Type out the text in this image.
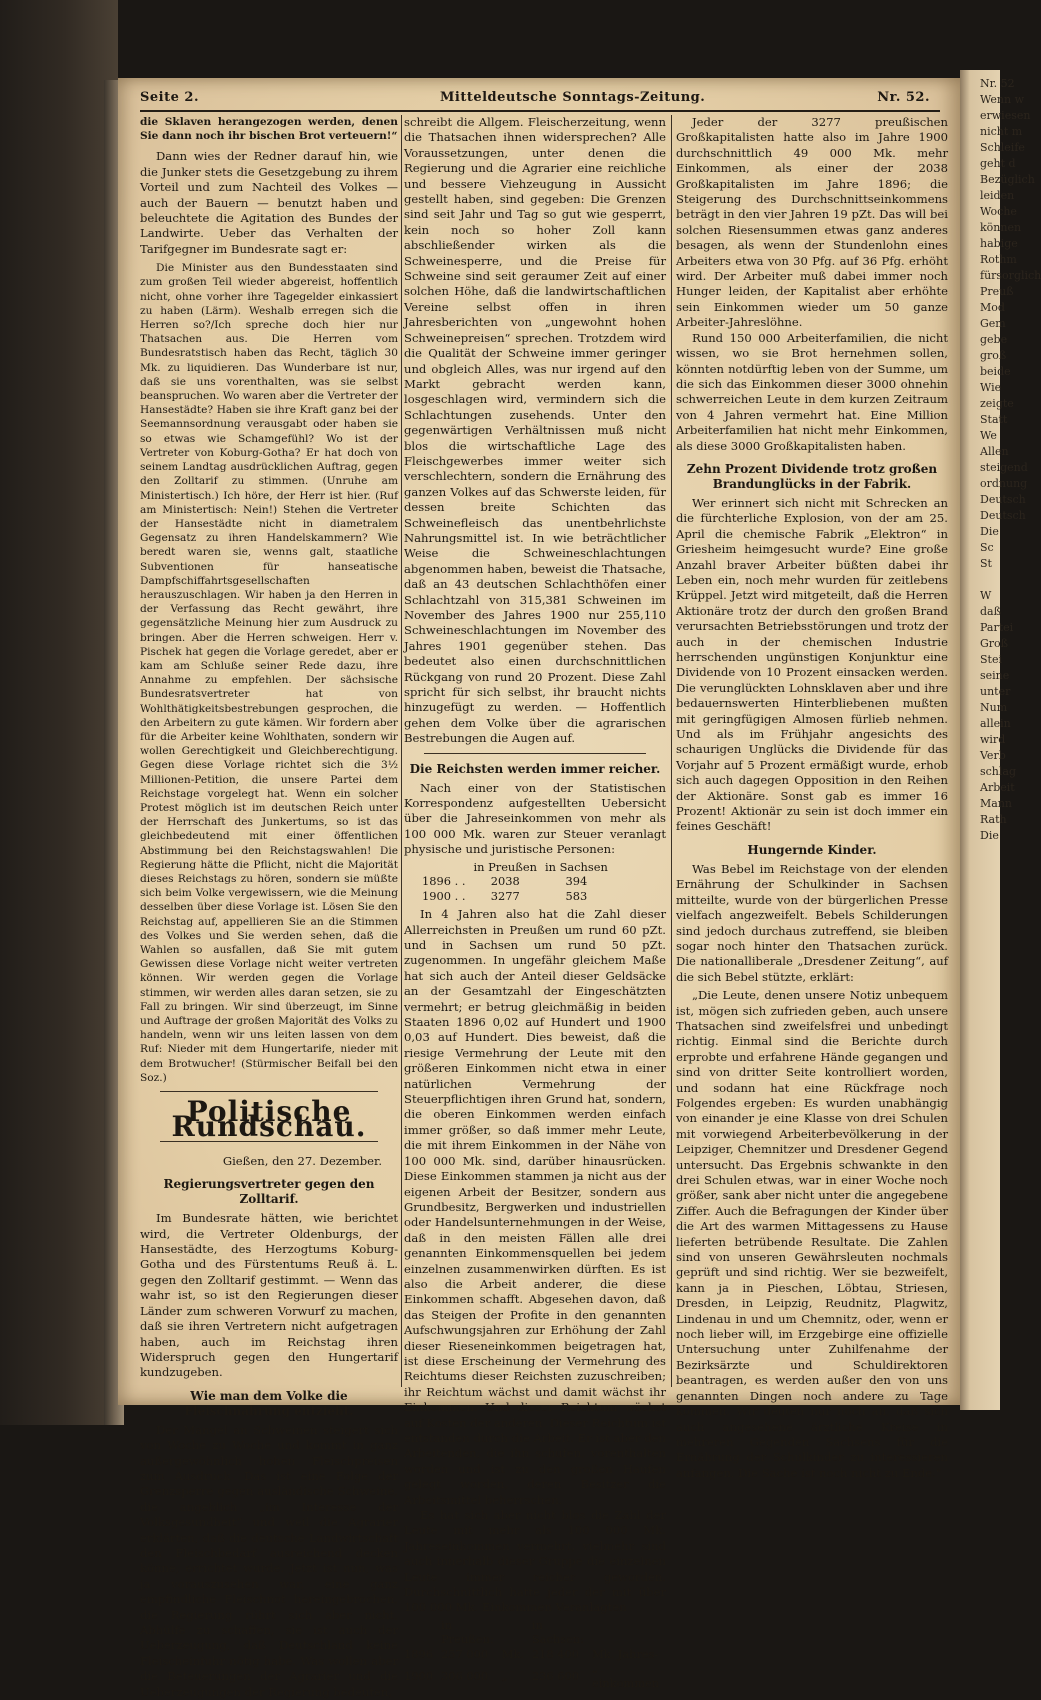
Nr. 52
Wenn w
erwiesen
nicht m
Schleife
geht d
Bezüglich
leiden
Woche
können
habige
Rothm
fürsorglich
Preuß
Mod
Gem
gebe
groß
beide
Wie
zeigte
Statt
We
Allen
steigend
ordnung
Deutsch
Deutsch
Die
Sc
St

W
daß
Partei
Groß
Stei
seine
unter
Num
allein
wird
Verb
schlag
Arbeit
Mann
Rath
Die
Seite 2.	Mitteldeutsche Sonntags-Zeitung.	Nr. 52.

die Sklaven herangezogen werden, denen Sie dann noch ihr bischen Brot verteuern!“

Dann wies der Redner darauf hin, wie die Junker stets die Gesetzgebung zu ihrem Vorteil und zum Nachteil des Volkes — auch der Bauern — benutzt haben und beleuchtete die Agitation des Bundes der Landwirte. Ueber das Verhalten der Tarifgegner im Bundesrate sagt er:

Die Minister aus den Bundesstaaten sind zum großen Teil wieder abgereist, hoffentlich nicht, ohne vorher ihre Tagegelder einkassiert zu haben (Lärm). Weshalb erregen sich die Herren so?/Ich spreche doch hier nur Thatsachen aus. Die Herren vom Bundesratstisch haben das Recht, täglich 30 Mk. zu liquidieren. Das Wunderbare ist nur, daß sie uns vorenthalten, was sie selbst beanspruchen. Wo waren aber die Vertreter der Hansestädte? Haben sie ihre Kraft ganz bei der Seemannsordnung verausgabt oder haben sie so etwas wie Schamgefühl? Wo ist der Vertreter von Koburg-Gotha? Er hat doch von seinem Landtag ausdrücklichen Auftrag, gegen den Zolltarif zu stimmen. (Unruhe am Ministertisch.) Ich höre, der Herr ist hier. (Ruf am Ministertisch: Nein!) Stehen die Vertreter der Hansestädte nicht in diametralem Gegensatz zu ihren Handelskammern? Wie beredt waren sie, wenns galt, staatliche Subventionen für hanseatische Dampfschiffahrtsgesellschaften herauszuschlagen. Wir haben ja den Herren in der Verfassung das Recht gewährt, ihre gegensätzliche Meinung hier zum Ausdruck zu bringen. Aber die Herren schweigen. Herr v. Pischek hat gegen die Vorlage geredet, aber er kam am Schluße seiner Rede dazu, ihre Annahme zu empfehlen. Der sächsische Bundesratsvertreter hat von Wohlthätigkeitsbestrebungen gesprochen, die den Arbeitern zu gute kämen. Wir fordern aber für die Arbeiter keine Wohlthaten, sondern wir wollen Gerechtigkeit und Gleichberechtigung. Gegen diese Vorlage richtet sich die 3½ Millionen-Petition, die unsere Partei dem Reichstage vorgelegt hat. Wenn ein solcher Protest möglich ist im deutschen Reich unter der Herrschaft des Junkertums, so ist das gleichbedeutend mit einer öffentlichen Abstimmung bei den Reichstagswahlen! Die Regierung hätte die Pflicht, nicht die Majorität dieses Reichstags zu hören, sondern sie müßte sich beim Volke vergewissern, wie die Meinung desselben über diese Vorlage ist. Lösen Sie den Reichstag auf, appellieren Sie an die Stimmen des Volkes und Sie werden sehen, daß die Wahlen so ausfallen, daß Sie mit gutem Gewissen diese Vorlage nicht weiter vertreten können. Wir werden gegen die Vorlage stimmen, wir werden alles daran setzen, sie zu Fall zu bringen. Wir sind überzeugt, im Sinne und Auftrage der großen Majorität des Volks zu handeln, wenn wir uns leiten lassen von dem Ruf: Nieder mit dem Hungertarife, nieder mit dem Brotwucher! (Stürmischer Beifall bei den Soz.)

Politische Rundschau.
Gießen, den 27. Dezember.
Regierungsvertreter gegen den Zolltarif.

Im Bundesrate hätten, wie berichtet wird, die Vertreter Oldenburgs, der Hansestädte, des Herzogtums Koburg-Gotha und des Fürstentums Reuß ä. L. gegen den Zolltarif gestimmt. — Wenn das wahr ist, so ist den Regierungen dieser Länder zum schweren Vorwurf zu machen, daß sie ihren Vertretern nicht aufgetragen haben, auch im Reichstag ihren Widerspruch gegen den Hungertarif kundzugeben.

Wie man dem Volke die Fleischnahrung entzieht.

Der Mangel an Schweinen steigert sich von Woche zu Woche und kommt in ganz außergewöhnlich hohen Fleischpreisen zum Ausdruck. Das ist eine Folge der Grenzsperre gegen ausländische Schweine, die angeblich „im Interesse der Volksgesundheit“ und weil die Agrarier erklärten, daß die deutsche Landwirtschaft den Fleischbedarf ausreichend decken könne, errichtet wurde. Jetzt ist nun, was ja vorauszusehen war, eine ganz empfindliche Fleischnot hereingebrochen, die Regierung rührt sich aber nicht, Abhülfe zu schaffen, sie ist auch der Ueberzeugung, daß Deutschland keine Fleischeinfuhr nötig habe. Was wollen aber die Beteuerungen der Agrarier und die Ueberzeugungen der Regierung bedeuten,

schreibt die Allgem. Fleischerzeitung, wenn die Thatsachen ihnen widersprechen? Alle Voraussetzungen, unter denen die Regierung und die Agrarier eine reichliche und bessere Viehzeugung in Aussicht gestellt haben, sind gegeben: Die Grenzen sind seit Jahr und Tag so gut wie gesperrt, kein noch so hoher Zoll kann abschließender wirken als die Schweinesperre, und die Preise für Schweine sind seit geraumer Zeit auf einer solchen Höhe, daß die landwirtschaftlichen Vereine selbst offen in ihren Jahresberichten von „ungewohnt hohen Schweinepreisen“ sprechen. Trotzdem wird die Qualität der Schweine immer geringer und obgleich Alles, was nur irgend auf den Markt gebracht werden kann, losgeschlagen wird, vermindern sich die Schlachtungen zusehends. Unter den gegenwärtigen Verhältnissen muß nicht blos die wirtschaftliche Lage des Fleischgewerbes immer weiter sich verschlechtern, sondern die Ernährung des ganzen Volkes auf das Schwerste leiden, für dessen breite Schichten das Schweinefleisch das unentbehrlichste Nahrungsmittel ist. In wie beträchtlicher Weise die Schweineschlachtungen abgenommen haben, beweist die Thatsache, daß an 43 deutschen Schlachthöfen einer Schlachtzahl von 315,381 Schweinen im November des Jahres 1900 nur 255,110 Schweineschlachtungen im November des Jahres 1901 gegenüber stehen. Das bedeutet also einen durchschnittlichen Rückgang von rund 20 Prozent. Diese Zahl spricht für sich selbst, ihr braucht nichts hinzugefügt zu werden. — Hoffentlich gehen dem Volke über die agrarischen Bestrebungen die Augen auf.

Die Reichsten werden immer reicher.

Nach einer von der Statistischen Korrespondenz aufgestellten Uebersicht über die Jahreseinkommen von mehr als 100 000 Mk. waren zur Steuer veranlagt physische und juristische Personen:

	in Preußen	in Sachsen
1896 . .	2038	394
1900 . .	3277	583

In 4 Jahren also hat die Zahl dieser Allerreichsten in Preußen um rund 60 pZt. und in Sachsen um rund 50 pZt. zugenommen. In ungefähr gleichem Maße hat sich auch der Anteil dieser Geldsäcke an der Gesamtzahl der Eingeschätzten vermehrt; er betrug gleichmäßig in beiden Staaten 1896 0,02 auf Hundert und 1900 0,03 auf Hundert. Dies beweist, daß die riesige Vermehrung der Leute mit den größeren Einkommen nicht etwa in einer natürlichen Vermehrung der Steuerpflichtigen ihren Grund hat, sondern, die oberen Einkommen werden einfach immer größer, so daß immer mehr Leute, die mit ihrem Einkommen in der Nähe von 100 000 Mk. sind, darüber hinausrücken. Diese Einkommen stammen ja nicht aus der eigenen Arbeit der Besitzer, sondern aus Grundbesitz, Bergwerken und industriellen oder Handelsunternehmungen in der Weise, daß in den meisten Fällen alle drei genannten Einkommensquellen bei jedem einzelnen zusammenwirken dürften. Es ist also die Arbeit anderer, die diese Einkommen schafft. Abgesehen davon, daß das Steigen der Profite in den genannten Aufschwungsjahren zur Erhöhung der Zahl dieser Rieseneinkommen beigetragen hat, ist diese Erscheinung der Vermehrung des Reichtums dieser Reichsten zuzuschreiben; ihr Reichtum wächst und damit wächst ihr Einkommen. Und dieser Reichtum wächst auf Kosten der anderen. Dieser Reichtum ist entstanden durch die Arbeit. Er ist aber den Arbeitenden, die ihn schufen, vorenthalten worden und ist zu den großen Haufen gelegt worden, deren Besitzer die Arbeitsmittel beherrschen.

Es hat sich aber nicht blos die Zahl der Leute mit mehr als 100 000 Mk. Jahreseinkommen vermehrt, vielmehr sind auch innerhalb dieser Gruppe die einzelnen Leute immer reicher geworden. Durchschnittlich hatte jeder der mit über 100 000 Mk. Einkommen Veranlagten

	in Preußen:		in Sachsen:	
1896	257 000	Mk.	218 400	Mk. Jahres-
1900	306 000	„	236 600	„ einkommen

Jeder der 3277 preußischen Großkapitalisten hatte also im Jahre 1900 durchschnittlich 49 000 Mk. mehr Einkommen, als einer der 2038 Großkapitalisten im Jahre 1896; die Steigerung des Durchschnittseinkommens beträgt in den vier Jahren 19 pZt. Das will bei solchen Riesensummen etwas ganz anderes besagen, als wenn der Stundenlohn eines Arbeiters etwa von 30 Pfg. auf 36 Pfg. erhöht wird. Der Arbeiter muß dabei immer noch Hunger leiden, der Kapitalist aber erhöhte sein Einkommen wieder um 50 ganze Arbeiter-Jahreslöhne.

Rund 150 000 Arbeiterfamilien, die nicht wissen, wo sie Brot hernehmen sollen, könnten notdürftig leben von der Summe, um die sich das Einkommen dieser 3000 ohnehin schwerreichen Leute in dem kurzen Zeitraum von 4 Jahren vermehrt hat. Eine Million Arbeiterfamilien hat nicht mehr Einkommen, als diese 3000 Großkapitalisten haben.

Zehn Prozent Dividende trotz großen Brandunglücks in der Fabrik.

Wer erinnert sich nicht mit Schrecken an die fürchterliche Explosion, von der am 25. April die chemische Fabrik „Elektron“ in Griesheim heimgesucht wurde? Eine große Anzahl braver Arbeiter büßten dabei ihr Leben ein, noch mehr wurden für zeitlebens Krüppel. Jetzt wird mitgeteilt, daß die Herren Aktionäre trotz der durch den großen Brand verursachten Betriebsstörungen und trotz der auch in der chemischen Industrie herrschenden ungünstigen Konjunktur eine Dividende von 10 Prozent einsacken werden. Die verunglückten Lohnsklaven aber und ihre bedauernswerten Hinterbliebenen mußten mit geringfügigen Almosen fürlieb nehmen. Und als im Frühjahr angesichts des schaurigen Unglücks die Dividende für das Vorjahr auf 5 Prozent ermäßigt wurde, erhob sich auch dagegen Opposition in den Reihen der Aktionäre. Sonst gab es immer 16 Prozent! Aktionär zu sein ist doch immer ein feines Geschäft!

Hungernde Kinder.

Was Bebel im Reichstage von der elenden Ernährung der Schulkinder in Sachsen mitteilte, wurde von der bürgerlichen Presse vielfach angezweifelt. Bebels Schilderungen sind jedoch durchaus zutreffend, sie bleiben sogar noch hinter den Thatsachen zurück. Die nationalliberale „Dresdener Zeitung“, auf die sich Bebel stützte, erklärt:

„Die Leute, denen unsere Notiz unbequem ist, mögen sich zufrieden geben, auch unsere Thatsachen sind zweifelsfrei und unbedingt richtig. Einmal sind die Berichte durch erprobte und erfahrene Hände gegangen und sind von dritter Seite kontrolliert worden, und sodann hat eine Rückfrage noch Folgendes ergeben: Es wurden unabhängig von einander je eine Klasse von drei Schulen mit vorwiegend Arbeiterbevölkerung in der Leipziger, Chemnitzer und Dresdener Gegend untersucht. Das Ergebnis schwankte in den drei Schulen etwas, war in einer Woche noch größer, sank aber nicht unter die angegebene Ziffer. Auch die Befragungen der Kinder über die Art des warmen Mittagessens zu Hause lieferten betrübende Resultate. Die Zahlen sind von unseren Gewährsleuten nochmals geprüft und sind richtig. Wer sie bezweifelt, kann ja in Pieschen, Löbtau, Striesen, Dresden, in Leipzig, Reudnitz, Plagwitz, Lindenau in und um Chemnitz, oder, wenn er noch lieber will, im Erzgebirge eine offizielle Untersuchung unter Zuhilfenahme der Bezirksärzte und Schuldirektoren beantragen, es werden außer den von uns genannten Dingen noch andere zu Tage kommen. Wir deuten nur noch an, daß sich auch angesehene ärztliche Kreise in mehreren Gegenden Sachsens für die Ernährung der Schulkinder zu interessieren anfangen. Die Sache ist noch nicht zu Ende.“
